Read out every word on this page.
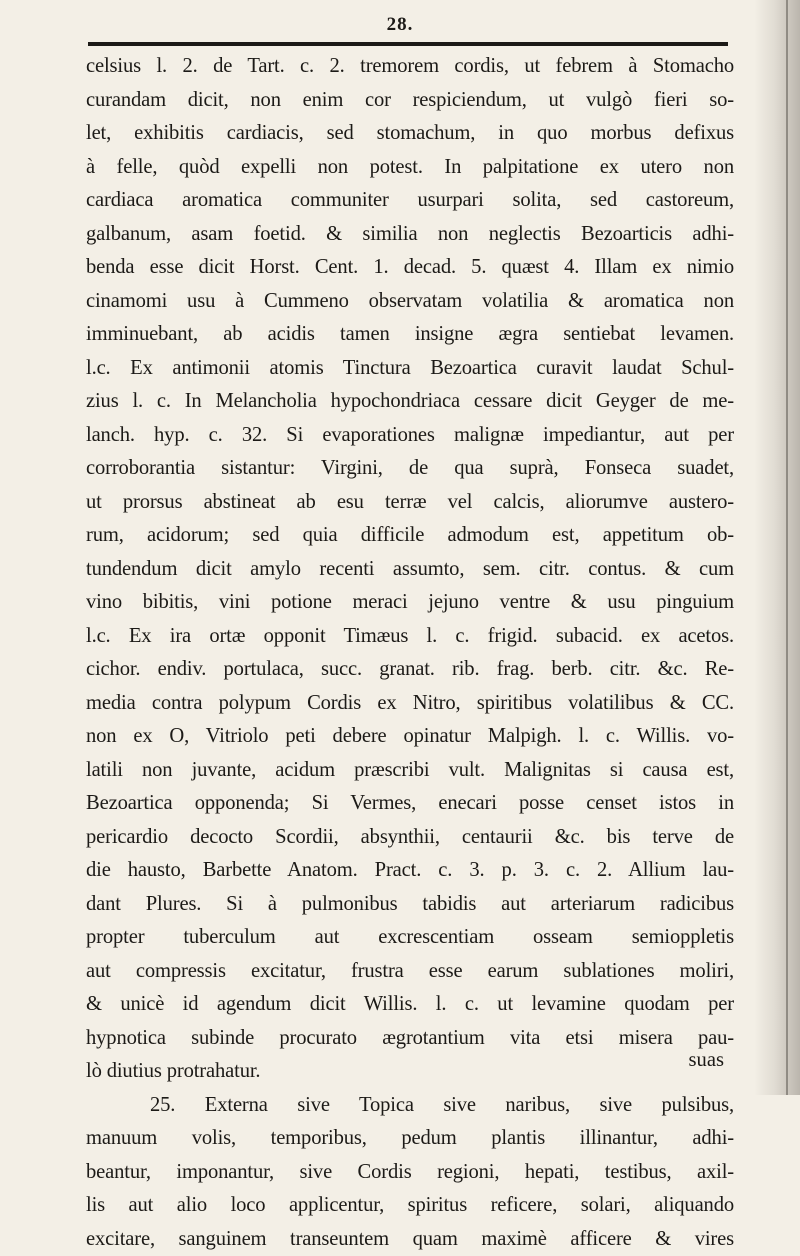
28.
celsius l. 2. de Tart. c. 2. tremorem cordis, ut febrem à Stomacho
curandam dicit, non enim cor respiciendum, ut vulgò fieri so-
let, exhibitis cardiacis, sed stomachum, in quo morbus defixus
à felle, quòd expelli non potest. In palpitatione ex utero non
cardiaca aromatica communiter usurpari solita, sed castoreum,
galbanum, asam foetid. & similia non neglectis Bezoarticis adhi-
benda esse dicit Horst. Cent. 1. decad. 5. quæst 4. Illam ex nimio
cinamomi usu à Cummeno observatam volatilia & aromatica non
imminuebant, ab acidis tamen insigne ægra sentiebat levamen.
l.c. Ex antimonii atomis Tinctura Bezoartica curavit laudat Schul-
zius l. c. In Melancholia hypochondriaca cessare dicit Geyger de me-
lanch. hyp. c. 32. Si evaporationes malignæ impediantur, aut per
corroborantia sistantur: Virgini, de qua suprà, Fonseca suadet,
ut prorsus abstineat ab esu terræ vel calcis, aliorumve austero-
rum, acidorum; sed quia difficile admodum est, appetitum ob-
tundendum dicit amylo recenti assumto, sem. citr. contus. & cum
vino bibitis, vini potione meraci jejuno ventre & usu pinguium
l.c. Ex ira ortæ opponit Timæus l. c. frigid. subacid. ex acetos.
cichor. endiv. portulaca, succ. granat. rib. frag. berb. citr. &c. Re-
media contra polypum Cordis ex Nitro, spiritibus volatilibus & CC.
non ex O, Vitriolo peti debere opinatur Malpigh. l. c. Willis. vo-
latili non juvante, acidum præscribi vult. Malignitas si causa est,
Bezoartica opponenda; Si Vermes, enecari posse censet istos in
pericardio decocto Scordii, absynthii, centaurii &c. bis terve de
die hausto, Barbette Anatom. Pract. c. 3. p. 3. c. 2. Allium lau-
dant Plures. Si à pulmonibus tabidis aut arteriarum radicibus
propter tuberculum aut excrescentiam osseam semioppletis
aut compressis excitatur, frustra esse earum sublationes moliri,
& unicè id agendum dicit Willis. l. c. ut levamine quodam per
hypnotica subinde procurato ægrotantium vita etsi misera pau-
lò diutius protrahatur.
25. Externa sive Topica sive naribus, sive pulsibus,
manuum volis, temporibus, pedum plantis illinantur, adhi-
beantur, imponantur, sive Cordis regioni, hepati, testibus, axil-
lis aut alio loco applicentur, spiritus reficere, solari, aliquando
excitare, sanguinem transeuntem quam maximè afficere & vires
suas
